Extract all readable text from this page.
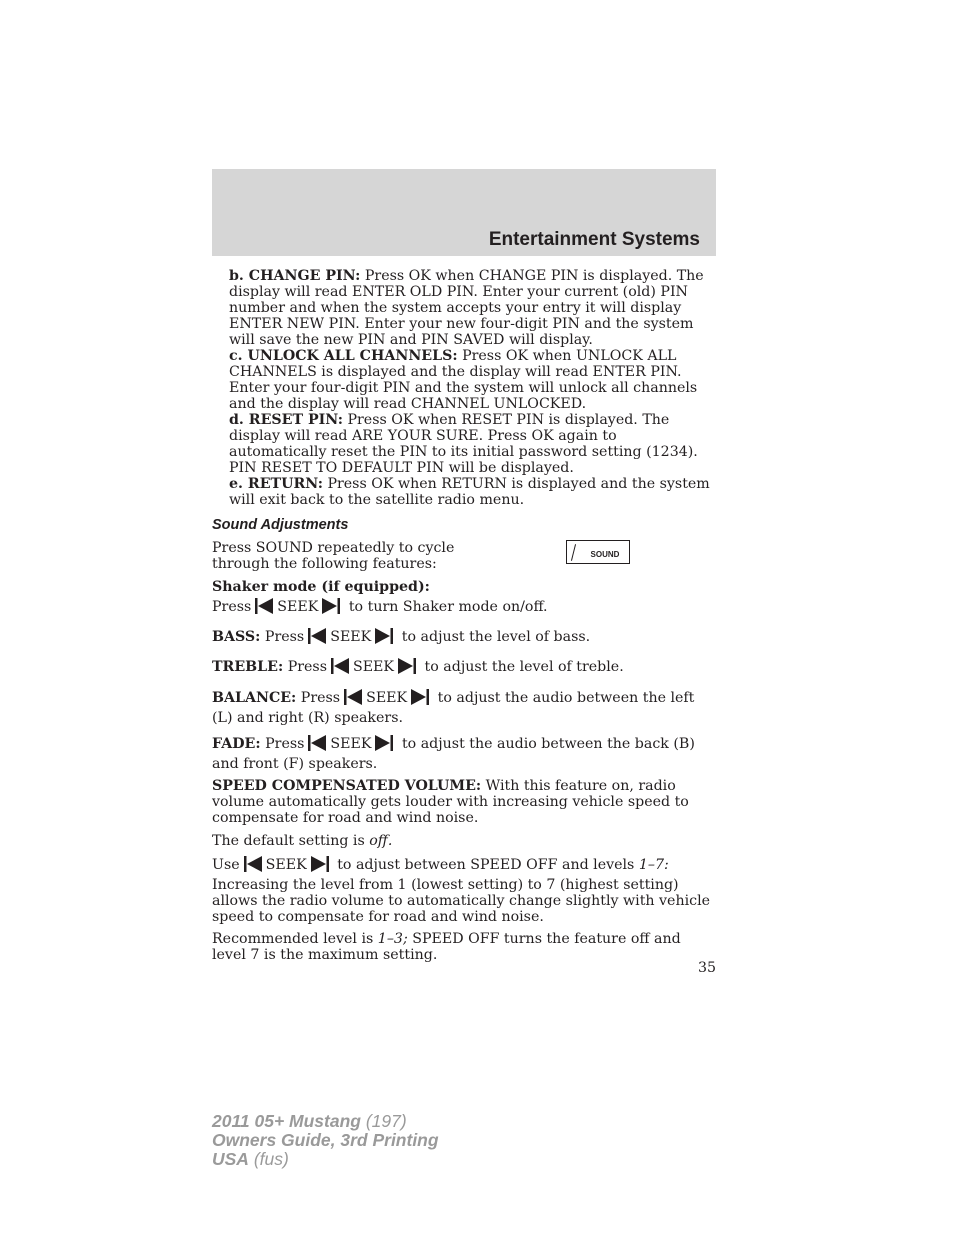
Entertainment Systems

b. CHANGE PIN: Press OK when CHANGE PIN is displayed. The display will read ENTER OLD PIN. Enter your current (old) PIN number and when the system accepts your entry it will display ENTER NEW PIN. Enter your new four-digit PIN and the system will save the new PIN and PIN SAVED will display.

c. UNLOCK ALL CHANNELS: Press OK when UNLOCK ALL CHANNELS is displayed and the display will read ENTER PIN. Enter your four-digit PIN and the system will unlock all channels and the display will read CHANNEL UNLOCKED.

d. RESET PIN: Press OK when RESET PIN is displayed. The display will read ARE YOUR SURE. Press OK again to automatically reset the PIN to its initial password setting (1234). PIN RESET TO DEFAULT PIN will be displayed.

e. RETURN: Press OK when RETURN is displayed and the system will exit back to the satellite radio menu.

Sound Adjustments

Press SOUND repeatedly to cycle through the following features:

SOUND

Shaker mode (if equipped):

Press SEEK to turn Shaker mode on/off.

BASS: Press SEEK to adjust the level of bass.

TREBLE: Press SEEK to adjust the level of treble.

BALANCE: Press SEEK to adjust the audio between the left (L) and right (R) speakers.

FADE: Press SEEK to adjust the audio between the back (B) and front (F) speakers.

SPEED COMPENSATED VOLUME: With this feature on, radio volume automatically gets louder with increasing vehicle speed to compensate for road and wind noise.

The default setting is off.

Use SEEK to adjust between SPEED OFF and levels 1–7:

Increasing the level from 1 (lowest setting) to 7 (highest setting) allows the radio volume to automatically change slightly with vehicle speed to compensate for road and wind noise.

Recommended level is 1–3; SPEED OFF turns the feature off and level 7 is the maximum setting.

35
2011 05+ Mustang (197)
Owners Guide, 3rd Printing
USA (fus)
